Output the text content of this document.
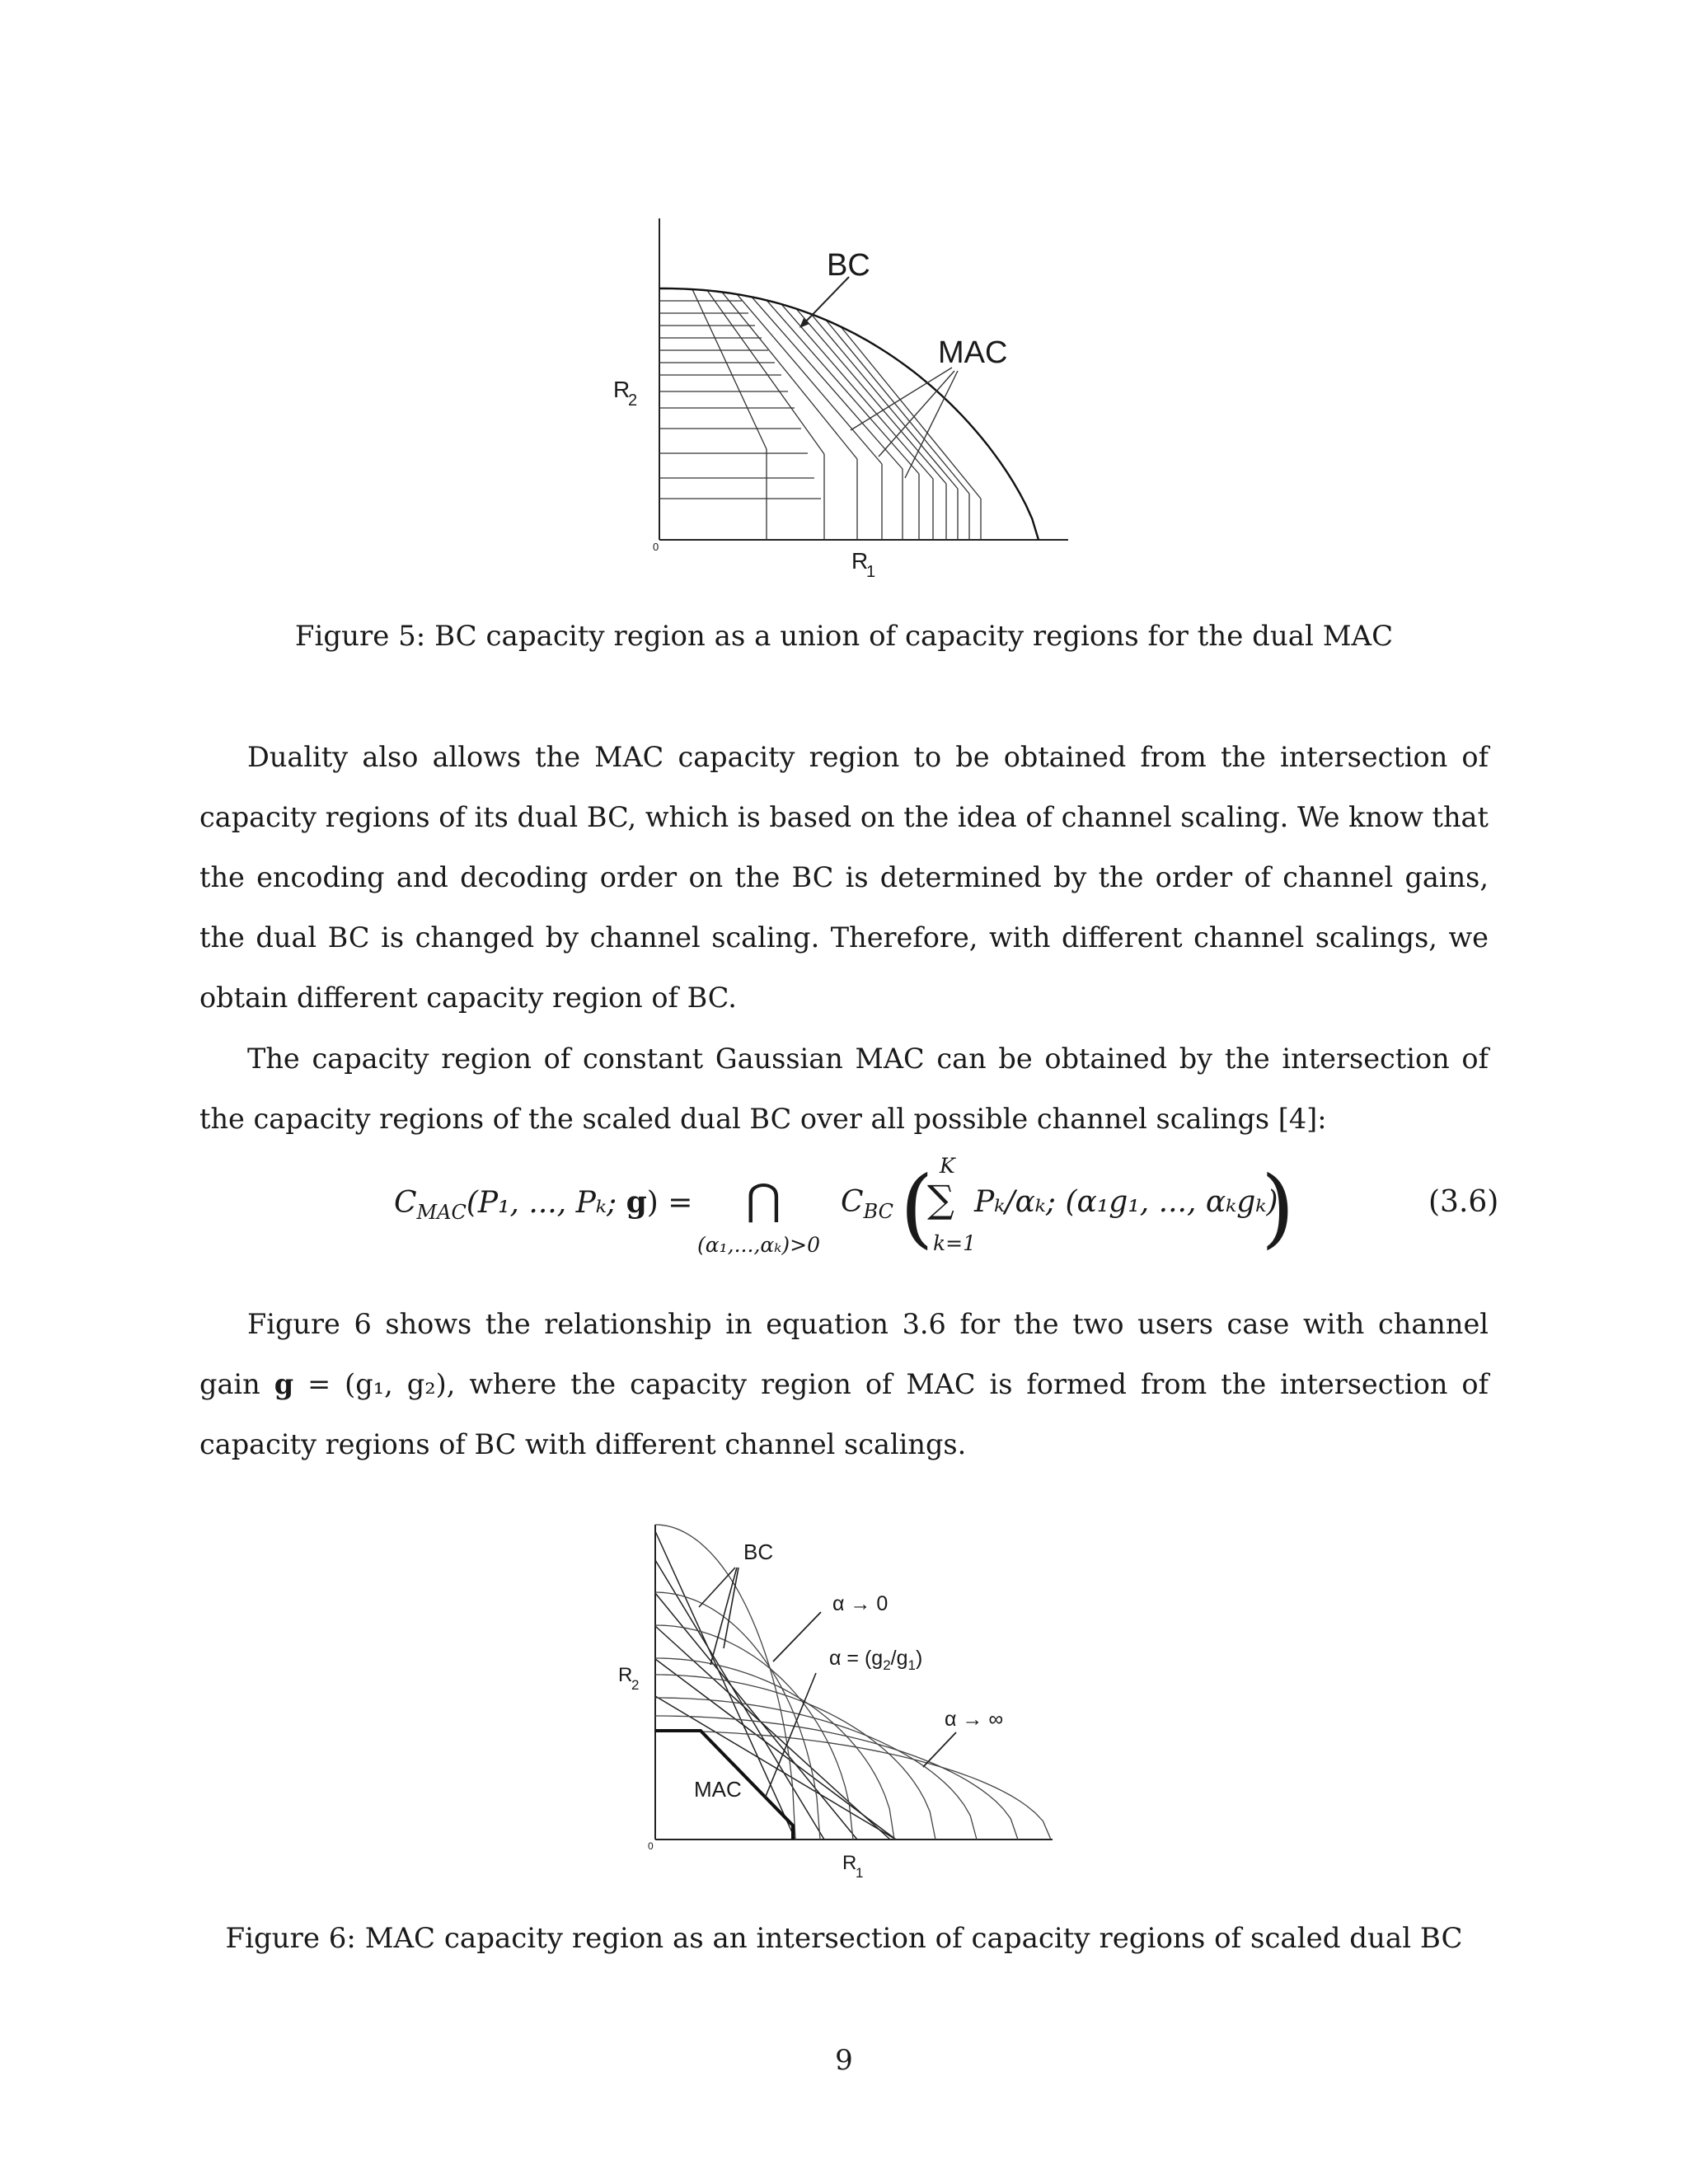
BC
MAC
R
2
R
1
0
Figure 5: BC capacity region as a union of capacity regions for the dual MAC

Duality also allows the MAC capacity region to be obtained from the intersection of capacity regions of its dual BC, which is based on the idea of channel scaling. We know that the encoding and decoding order on the BC is determined by the order of channel gains, the dual BC is changed by channel scaling. Therefore, with different channel scalings, we obtain different capacity region of BC.

The capacity region of constant Gaussian MAC can be obtained by the intersection of the capacity regions of the scaled dual BC over all possible channel scalings [4]:

$C_{MAC}(P_1$, ..., Pₖ; g) = ⋂
(α₁,...,αₖ)>0
$C_{BC}$ ( K
∑
k=1
Pₖ/αₖ; (α₁g₁, ..., αₖgₖ)
)	(3.6)

Figure 6 shows the relationship in equation 3.6 for the two users case with channel gain g = (g₁, g₂), where the capacity region of MAC is formed from the intersection of capacity regions of BC with different channel scalings.

BC
MAC
α → 0
$\alpha = (g_2/g_1)$
α → ∞
R
2
R
1
0
Figure 6: MAC capacity region as an intersection of capacity regions of scaled dual BC
9
